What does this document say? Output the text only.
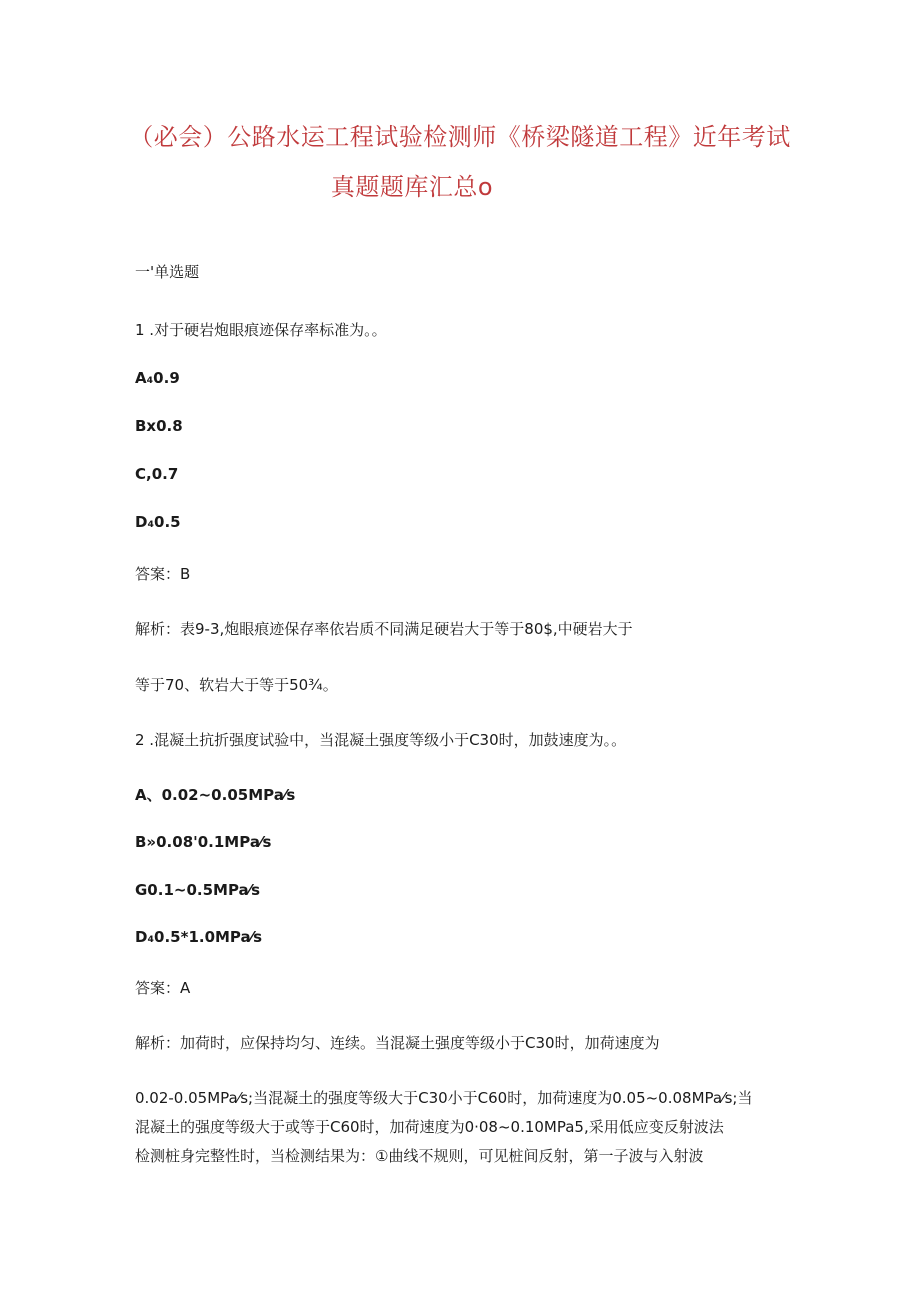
（必会）公路水运工程试验检测师《桥梁隧道工程》近年考试
真题题库汇总o
一'单选题
1 .对于硬岩炮眼痕迹保存率标准为。。
A₄0.9
Bx0.8
C,0.7
D₄0.5
答案：B
解析：表9-3,炮眼痕迹保存率依岩质不同满足硬岩大于等于80$,中硬岩大于
等于70、软岩大于等于50¾。
2 .混凝土抗折强度试验中，当混凝土强度等级小于C30时，加鼓速度为。。
A、0.02~0.05MPa⁄s
B»0.08'0.1MPa⁄s
G0.1~0.5MPa⁄s
D₄0.5*1.0MPa⁄s
答案：A
解析：加荷时，应保持均匀、连续。当混凝土强度等级小于C30时，加荷速度为
0.02-0.05MPa⁄s;当混凝土的强度等级大于C30小于C60时，加荷速度为0.05~0.08MPa⁄s;当
混凝土的强度等级大于或等于C60时，加荷速度为0·08~0.10MPa5,采用低应变反射波法
检测桩身完整性时，当检测结果为：①曲线不规则，可见桩间反射，第一子波与入射波
